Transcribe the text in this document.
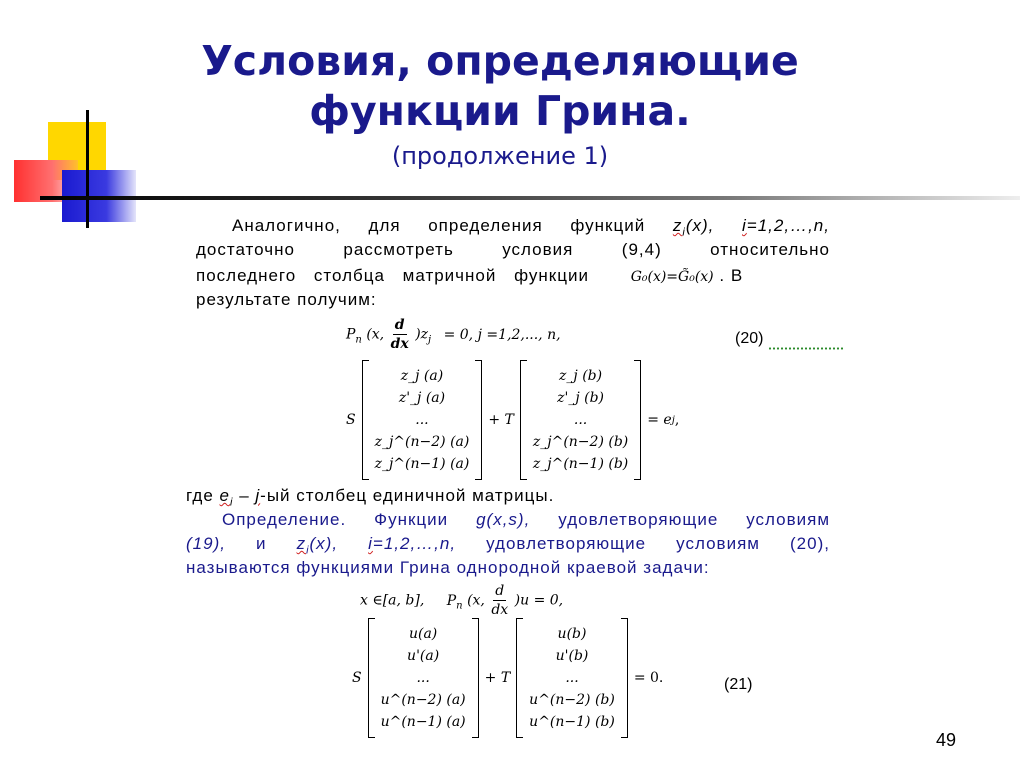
Условия, определяющие
функции Грина.
(продолжение 1)
Аналогично, для определения функций $z_i(x)$, i=1,2,…,n,
достаточно рассмотреть условия (9,4) относительно
последнего столбца матричной функции	G₀(x)=G̃₀(x) . В
результате получим:
$P_n$ (x, $\frac{d}{dx} )z_j = 0$, j =1,2,..., n,	(20)
S
z_j (a)
z'_j (a)
...
z_j^(n−2) (a)
z_j^(n−1) (a)
+ T
z_j (b)
z'_j (b)
...
z_j^(n−2) (b)
z_j^(n−1) (b)
= e j ,
где $e_i - j-ый$ столбец единичной матрицы.
Определение. Функции g(x,s), удовлетворяющие условиям
(19), и $z_i(x)$, i=1,2,…,n, удовлетворяющие условиям (20),
называются функциями Грина однородной краевой задачи:
x ∈[a, b], $P_n$ (x, $\frac{d}{dx} )u = 0$,
S
u(a)
u'(a)
...
u^(n−2) (a)
u^(n−1) (a)
+ T
u(b)
u'(b)
...
u^(n−2) (b)
u^(n−1) (b)
= 0.	(21)
49
